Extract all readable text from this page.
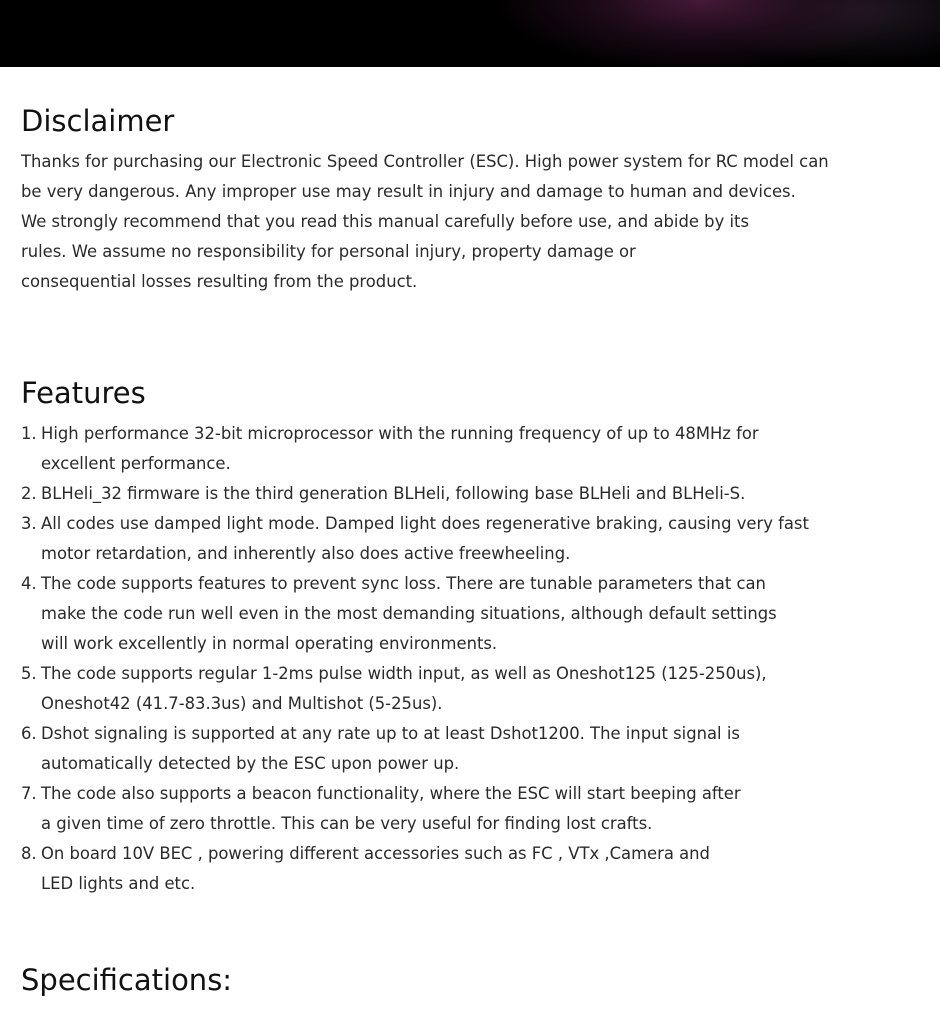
Disclaimer
Thanks for purchasing our Electronic Speed Controller (ESC). High power system for RC model can
be very dangerous. Any improper use may result in injury and damage to human and devices.
We strongly recommend that you read this manual carefully before use, and abide by its
rules. We assume no responsibility for personal injury, property damage or
consequential losses resulting from the product.
Features
1. High performance 32-bit microprocessor with the running frequency of up to 48MHz for
excellent performance.
2. BLHeli_32 firmware is the third generation BLHeli, following base BLHeli and BLHeli-S.
3. All codes use damped light mode. Damped light does regenerative braking, causing very fast
motor retardation, and inherently also does active freewheeling.
4. The code supports features to prevent sync loss. There are tunable parameters that can
make the code run well even in the most demanding situations, although default settings
will work excellently in normal operating environments.
5. The code supports regular 1-2ms pulse width input, as well as Oneshot125 (125-250us),
Oneshot42 (41.7-83.3us) and Multishot (5-25us).
6. Dshot signaling is supported at any rate up to at least Dshot1200. The input signal is
automatically detected by the ESC upon power up.
7. The code also supports a beacon functionality, where the ESC will start beeping after
a given time of zero throttle. This can be very useful for finding lost crafts.
8. On board 10V BEC , powering different accessories such as FC , VTx ,Camera and
LED lights and etc.
Specifications:
